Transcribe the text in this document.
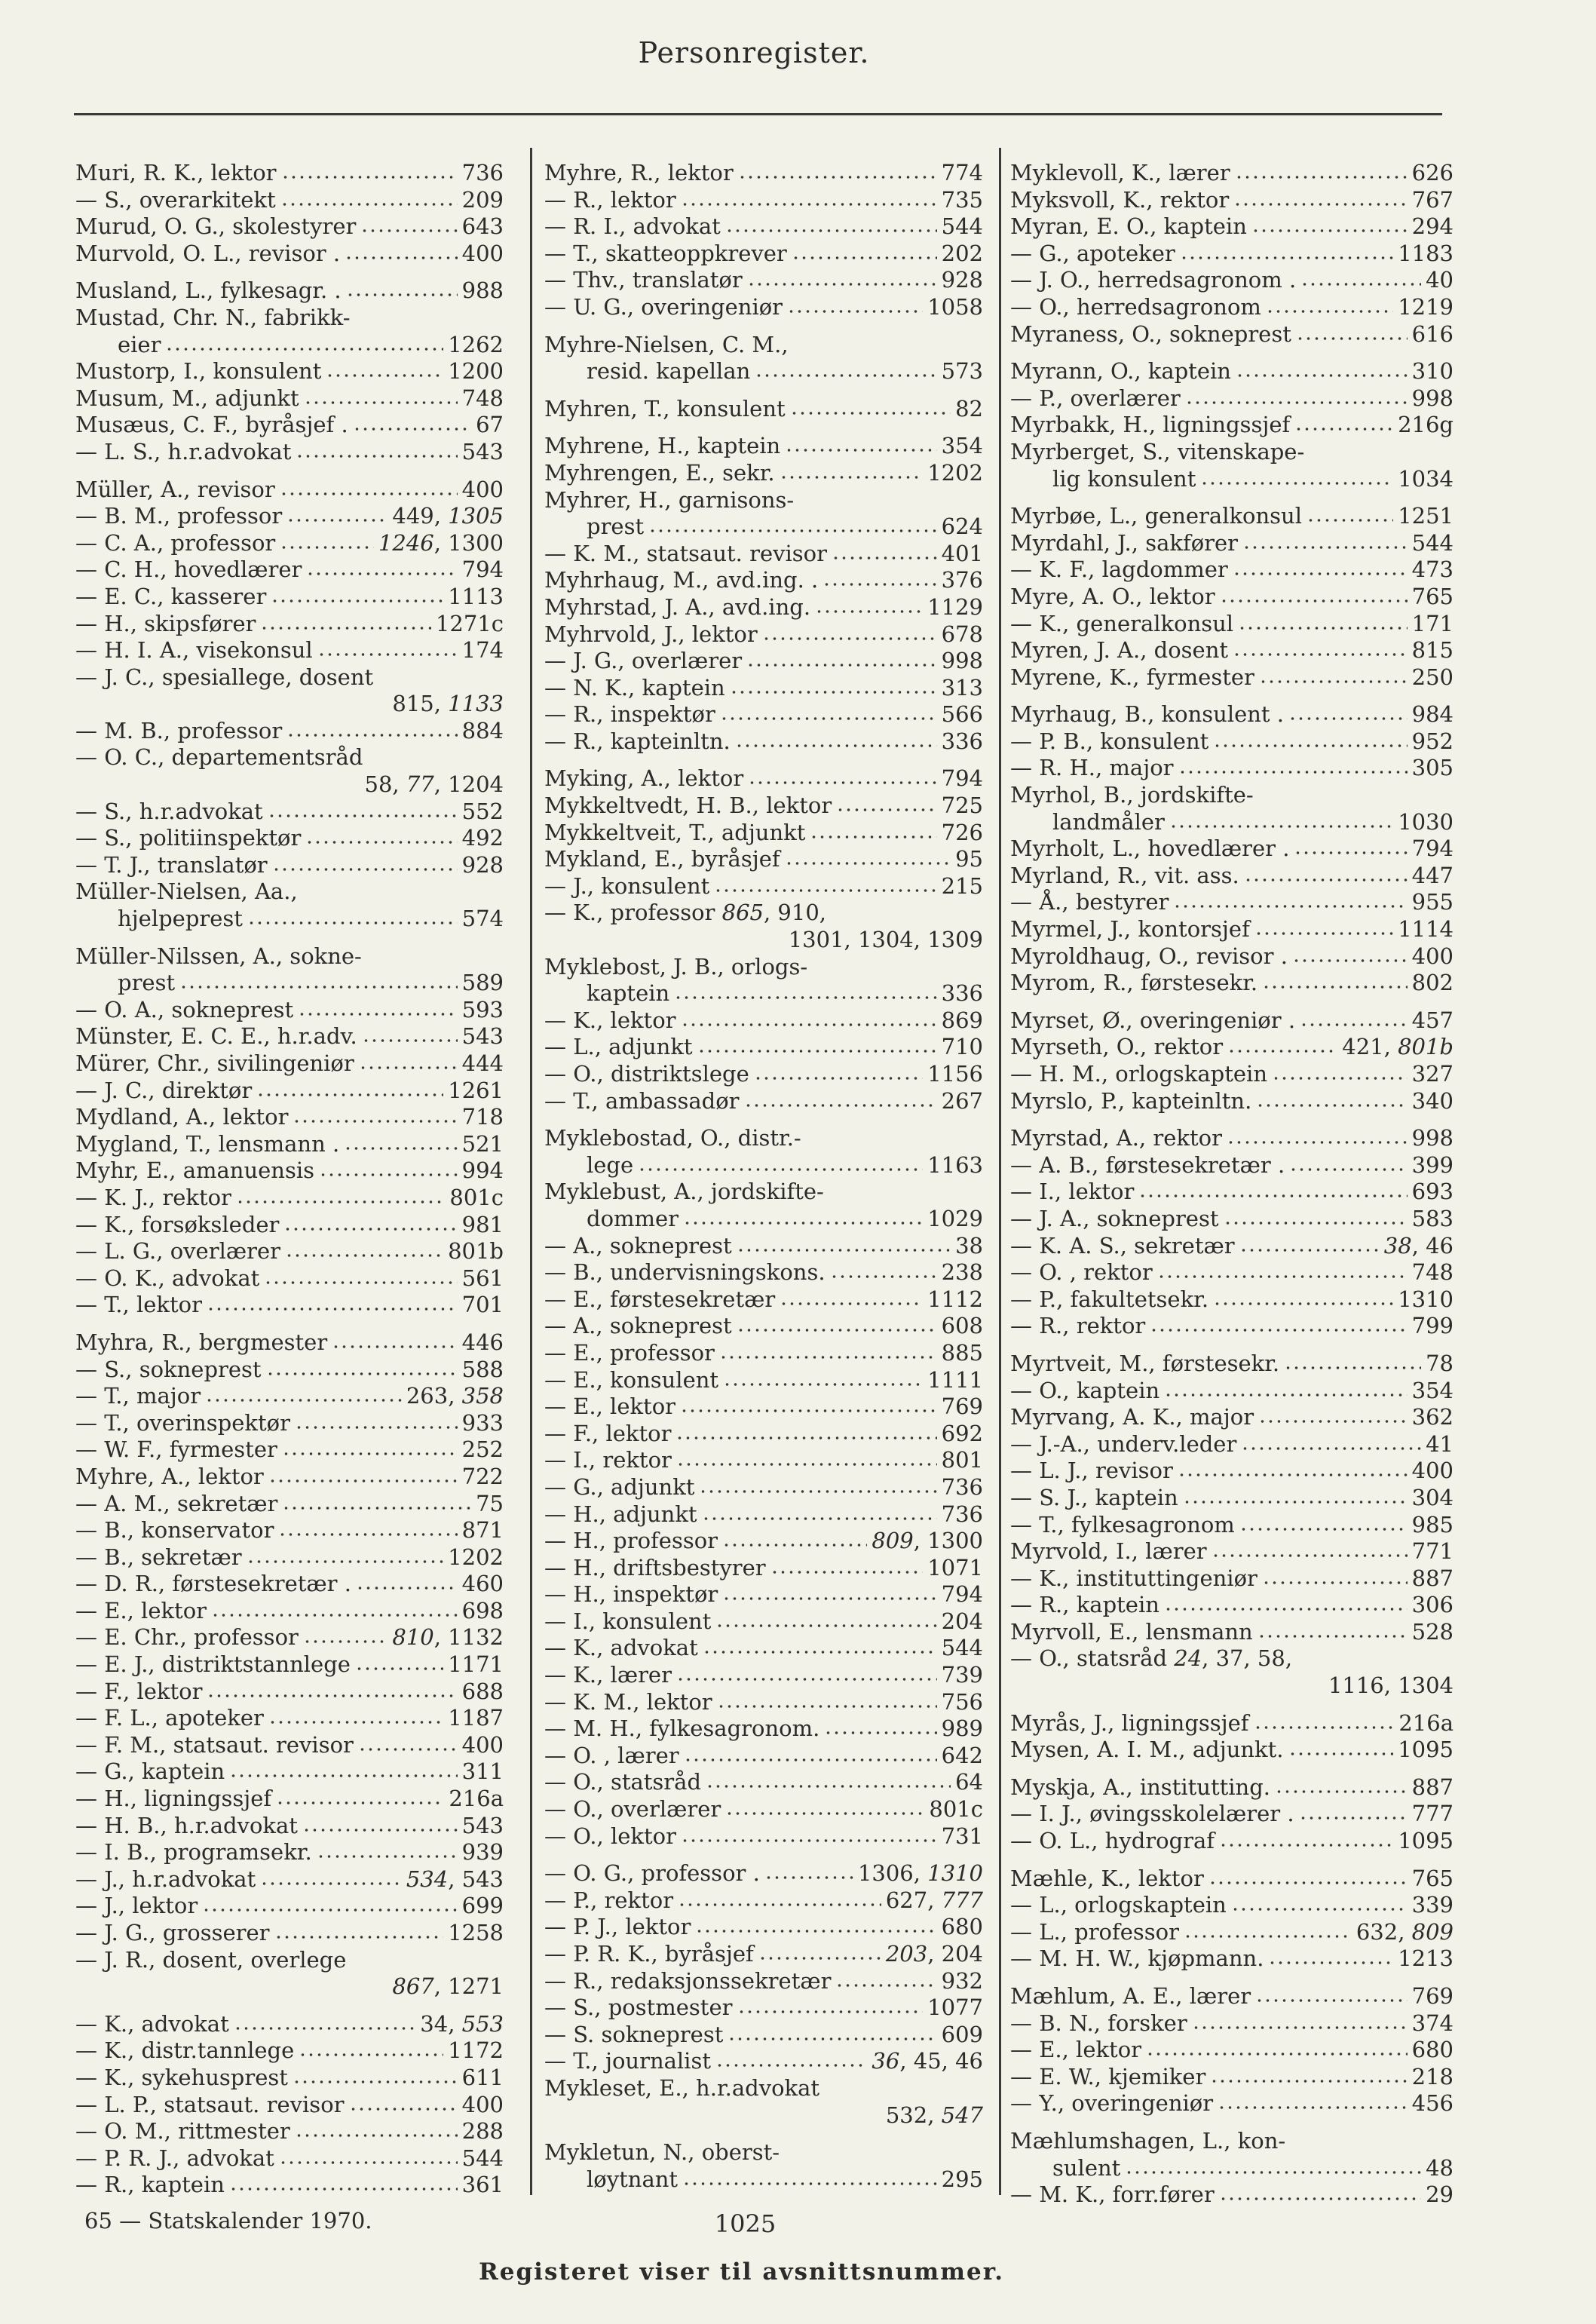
Personregister.
Muri, R. K., lektor	736
— S., overarkitekt	209
Murud, O. G., skolestyrer	643
Murvold, O. L., revisor .	400
Musland, L., fylkesagr. .	988
Mustad, Chr. N., fabrikk-
eier	1262
Mustorp, I., konsulent	1200
Musum, M., adjunkt	748
Musæus, C. F., byråsjef .	67
— L. S., h.r.advokat	543
Müller, A., revisor	400
— B. M., professor	449, 1305
— C. A., professor	1246, 1300
— C. H., hovedlærer	794
— E. C., kasserer	1113
— H., skipsfører	1271c
— H. I. A., visekonsul	174
— J. C., spesiallege, dosent
815, 1133
— M. B., professor	884
— O. C., departementsråd
58, 77, 1204
— S., h.r.advokat	552
— S., politiinspektør	492
— T. J., translatør	928
Müller-Nielsen, Aa.,
hjelpeprest	574
Müller-Nilssen, A., sokne-
prest	589
— O. A., sokneprest	593
Münster, E. C. E., h.r.adv.	543
Mürer, Chr., sivilingeniør	444
— J. C., direktør	1261
Mydland, A., lektor	718
Mygland, T., lensmann .	521
Myhr, E., amanuensis	994
— K. J., rektor	801c
— K., forsøksleder	981
— L. G., overlærer	801b
— O. K., advokat	561
— T., lektor	701
Myhra, R., bergmester	446
— S., sokneprest	588
— T., major	263, 358
— T., overinspektør	933
— W. F., fyrmester	252
Myhre, A., lektor	722
— A. M., sekretær	75
— B., konservator	871
— B., sekretær	1202
— D. R., førstesekretær .	460
— E., lektor	698
— E. Chr., professor	810, 1132
— E. J., distriktstannlege	1171
— F., lektor	688
— F. L., apoteker	1187
— F. M., statsaut. revisor	400
— G., kaptein	311
— H., ligningssjef	216a
— H. B., h.r.advokat	543
— I. B., programsekr.	939
— J., h.r.advokat	534, 543
— J., lektor	699
— J. G., grosserer	1258
— J. R., dosent, overlege
867, 1271
— K., advokat	34, 553
— K., distr.tannlege	1172
— K., sykehusprest	611
— L. P., statsaut. revisor	400
— O. M., rittmester	288
— P. R. J., advokat	544
— R., kaptein	361
Myhre, R., lektor	774
— R., lektor	735
— R. I., advokat	544
— T., skatteoppkrever	202
— Thv., translatør	928
— U. G., overingeniør	1058
Myhre-Nielsen, C. M.,
resid. kapellan	573
Myhren, T., konsulent	82
Myhrene, H., kaptein	354
Myhrengen, E., sekr.	1202
Myhrer, H., garnisons-
prest	624
— K. M., statsaut. revisor	401
Myhrhaug, M., avd.ing. .	376
Myhrstad, J. A., avd.ing.	1129
Myhrvold, J., lektor	678
— J. G., overlærer	998
— N. K., kaptein	313
— R., inspektør	566
— R., kapteinltn.	336
Myking, A., lektor	794
Mykkeltvedt, H. B., lektor	725
Mykkeltveit, T., adjunkt	726
Mykland, E., byråsjef	95
— J., konsulent	215
— K., professor 865, 910,
1301, 1304, 1309
Myklebost, J. B., orlogs-
kaptein	336
— K., lektor	869
— L., adjunkt	710
— O., distriktslege	1156
— T., ambassadør	267
Myklebostad, O., distr.-
lege	1163
Myklebust, A., jordskifte-
dommer	1029
— A., sokneprest	38
— B., undervisningskons.	238
— E., førstesekretær	1112
— A., sokneprest	608
— E., professor	885
— E., konsulent	1111
— E., lektor	769
— F., lektor	692
— I., rektor	801
— G., adjunkt	736
— H., adjunkt	736
— H., professor	809, 1300
— H., driftsbestyrer	1071
— H., inspektør	794
— I., konsulent	204
— K., advokat	544
— K., lærer	739
— K. M., lektor	756
— M. H., fylkesagronom.	989
— O. , lærer	642
— O., statsråd	64
— O., overlærer	801c
— O., lektor	731
— O. G., professor .	1306, 1310
— P., rektor	627, 777
— P. J., lektor	680
— P. R. K., byråsjef	203, 204
— R., redaksjonssekretær	932
— S., postmester	1077
— S. sokneprest	609
— T., journalist	36, 45, 46
Mykleset, E., h.r.advokat
532, 547
Mykletun, N., oberst-
løytnant	295
Myklevoll, K., lærer	626
Myksvoll, K., rektor	767
Myran, E. O., kaptein	294
— G., apoteker	1183
— J. O., herredsagronom .	40
— O., herredsagronom	1219
Myraness, O., sokneprest	616
Myrann, O., kaptein	310
— P., overlærer	998
Myrbakk, H., ligningssjef	216g
Myrberget, S., vitenskape-
lig konsulent	1034
Myrbøe, L., generalkonsul	1251
Myrdahl, J., sakfører	544
— K. F., lagdommer	473
Myre, A. O., lektor	765
— K., generalkonsul	171
Myren, J. A., dosent	815
Myrene, K., fyrmester	250
Myrhaug, B., konsulent .	984
— P. B., konsulent	952
— R. H., major	305
Myrhol, B., jordskifte-
landmåler	1030
Myrholt, L., hovedlærer .	794
Myrland, R., vit. ass.	447
— Å., bestyrer	955
Myrmel, J., kontorsjef	1114
Myroldhaug, O., revisor .	400
Myrom, R., førstesekr.	802
Myrset, Ø., overingeniør .	457
Myrseth, O., rektor	421, 801b
— H. M., orlogskaptein	327
Myrslo, P., kapteinltn.	340
Myrstad, A., rektor	998
— A. B., førstesekretær .	399
— I., lektor	693
— J. A., sokneprest	583
— K. A. S., sekretær	38, 46
— O. , rektor	748
— P., fakultetsekr.	1310
— R., rektor	799
Myrtveit, M., førstesekr.	78
— O., kaptein	354
Myrvang, A. K., major	362
— J.-A., underv.leder	41
— L. J., revisor	400
— S. J., kaptein	304
— T., fylkesagronom	985
Myrvold, I., lærer	771
— K., instituttingeniør	887
— R., kaptein	306
Myrvoll, E., lensmann	528
— O., statsråd 24, 37, 58,
1116, 1304
Myrås, J., ligningssjef	216a
Mysen, A. I. M., adjunkt.	1095
Myskja, A., institutting.	887
— I. J., øvingsskolelærer .	777
— O. L., hydrograf	1095
Mæhle, K., lektor	765
— L., orlogskaptein	339
— L., professor	632, 809
— M. H. W., kjøpmann.	1213
Mæhlum, A. E., lærer	769
— B. N., forsker	374
— E., lektor	680
— E. W., kjemiker	218
— Y., overingeniør	456
Mæhlumshagen, L., kon-
sulent	48
— M. K., forr.fører	29
65 — Statskalender 1970.	1025
Registeret viser til avsnittsnummer.
